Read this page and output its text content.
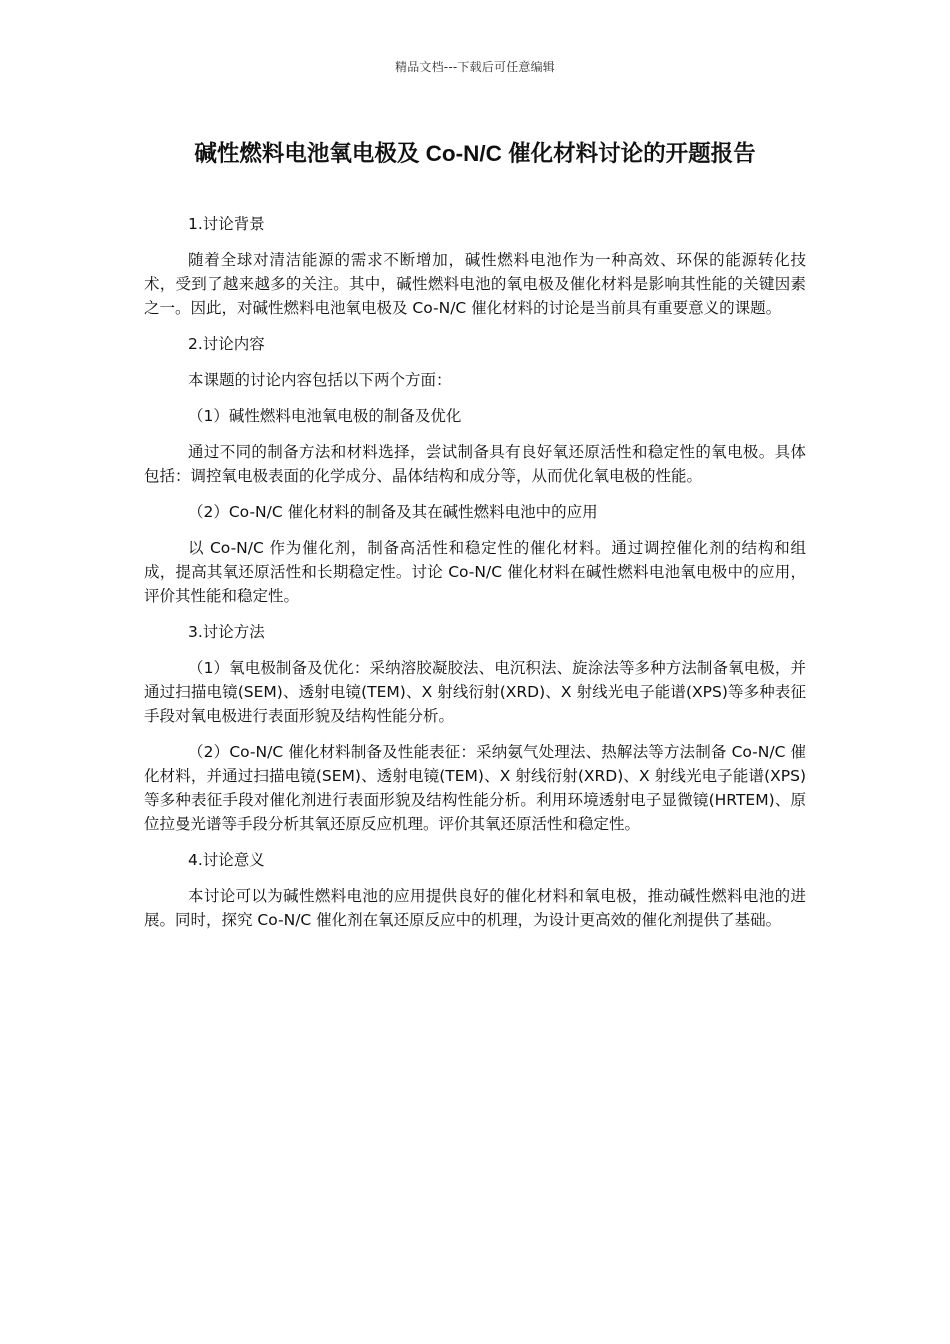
精品文档---下载后可任意编辑
碱性燃料电池氧电极及 Co-N/C 催化材料讨论的开题报告

1.讨论背景

随着全球对清洁能源的需求不断增加，碱性燃料电池作为一种高效、环保的能源转化技术，受到了越来越多的关注。其中，碱性燃料电池的氧电极及催化材料是影响其性能的关键因素之一。因此，对碱性燃料电池氧电极及 Co-N/C 催化材料的讨论是当前具有重要意义的课题。

2.讨论内容

本课题的讨论内容包括以下两个方面：

（1）碱性燃料电池氧电极的制备及优化

通过不同的制备方法和材料选择，尝试制备具有良好氧还原活性和稳定性的氧电极。具体包括：调控氧电极表面的化学成分、晶体结构和成分等，从而优化氧电极的性能。

（2）Co-N/C 催化材料的制备及其在碱性燃料电池中的应用

以 Co-N/C 作为催化剂，制备高活性和稳定性的催化材料。通过调控催化剂的结构和组成，提高其氧还原活性和长期稳定性。讨论 Co-N/C 催化材料在碱性燃料电池氧电极中的应用，评价其性能和稳定性。

3.讨论方法

（1）氧电极制备及优化：采纳溶胶凝胶法、电沉积法、旋涂法等多种方法制备氧电极，并通过扫描电镜(SEM)、透射电镜(TEM)、X 射线衍射(XRD)、X 射线光电子能谱(XPS)等多种表征手段对氧电极进行表面形貌及结构性能分析。

（2）Co-N/C 催化材料制备及性能表征：采纳氨气处理法、热解法等方法制备 Co-N/C 催化材料，并通过扫描电镜(SEM)、透射电镜(TEM)、X 射线衍射(XRD)、X 射线光电子能谱(XPS)等多种表征手段对催化剂进行表面形貌及结构性能分析。利用环境透射电子显微镜(HRTEM)、原位拉曼光谱等手段分析其氧还原反应机理。评价其氧还原活性和稳定性。

4.讨论意义

本讨论可以为碱性燃料电池的应用提供良好的催化材料和氧电极，推动碱性燃料电池的进展。同时，探究 Co-N/C 催化剂在氧还原反应中的机理，为设计更高效的催化剂提供了基础。
